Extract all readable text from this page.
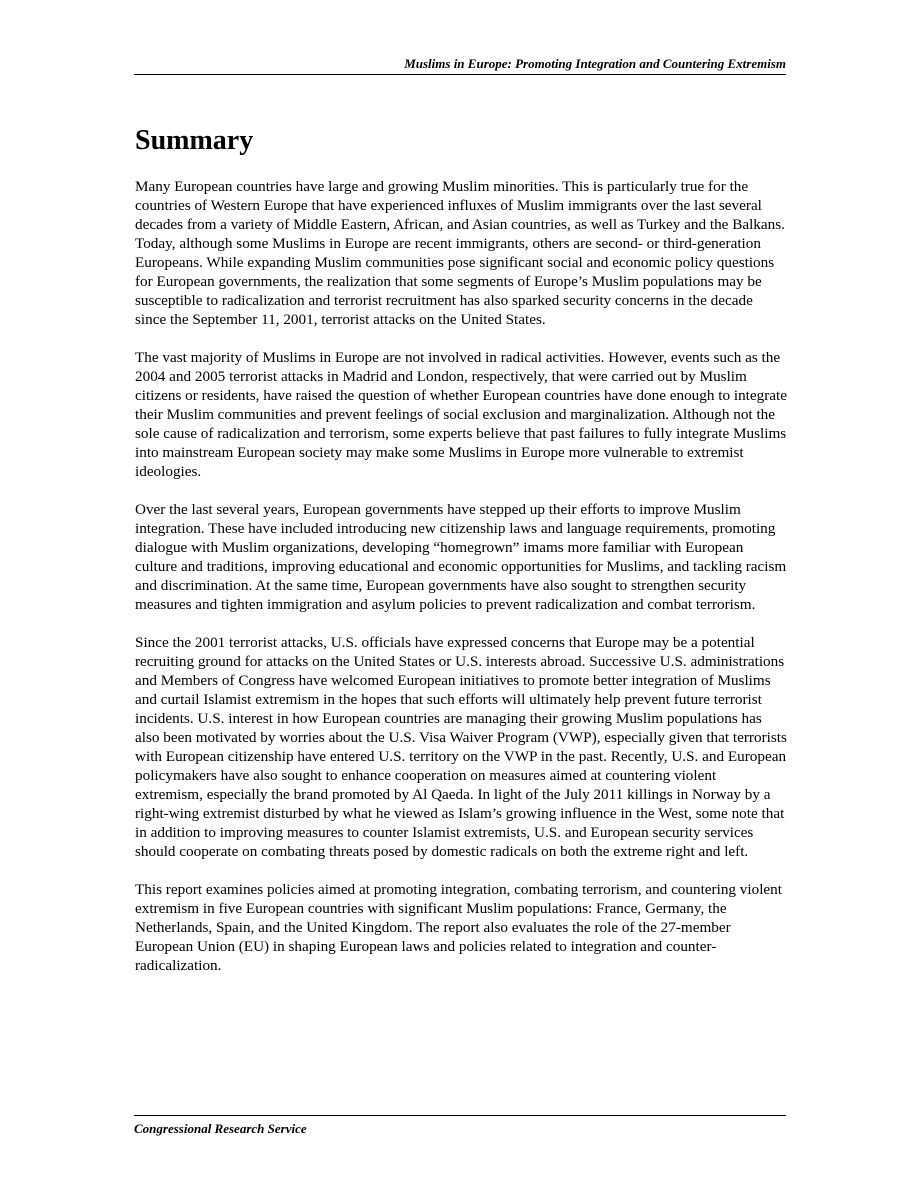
Muslims in Europe: Promoting Integration and Countering Extremism
Summary

Many European countries have large and growing Muslim minorities. This is particularly true for the countries of Western Europe that have experienced influxes of Muslim immigrants over the last several decades from a variety of Middle Eastern, African, and Asian countries, as well as Turkey and the Balkans. Today, although some Muslims in Europe are recent immigrants, others are second- or third-generation Europeans. While expanding Muslim communities pose significant social and economic policy questions for European governments, the realization that some segments of Europe’s Muslim populations may be susceptible to radicalization and terrorist recruitment has also sparked security concerns in the decade since the September 11, 2001, terrorist attacks on the United States.

The vast majority of Muslims in Europe are not involved in radical activities. However, events such as the 2004 and 2005 terrorist attacks in Madrid and London, respectively, that were carried out by Muslim citizens or residents, have raised the question of whether European countries have done enough to integrate their Muslim communities and prevent feelings of social exclusion and marginalization. Although not the sole cause of radicalization and terrorism, some experts believe that past failures to fully integrate Muslims into mainstream European society may make some Muslims in Europe more vulnerable to extremist ideologies.

Over the last several years, European governments have stepped up their efforts to improve Muslim integration. These have included introducing new citizenship laws and language requirements, promoting dialogue with Muslim organizations, developing “homegrown” imams more familiar with European culture and traditions, improving educational and economic opportunities for Muslims, and tackling racism and discrimination. At the same time, European governments have also sought to strengthen security measures and tighten immigration and asylum policies to prevent radicalization and combat terrorism.

Since the 2001 terrorist attacks, U.S. officials have expressed concerns that Europe may be a potential recruiting ground for attacks on the United States or U.S. interests abroad. Successive U.S. administrations and Members of Congress have welcomed European initiatives to promote better integration of Muslims and curtail Islamist extremism in the hopes that such efforts will ultimately help prevent future terrorist incidents. U.S. interest in how European countries are managing their growing Muslim populations has also been motivated by worries about the U.S. Visa Waiver Program (VWP), especially given that terrorists with European citizenship have entered U.S. territory on the VWP in the past. Recently, U.S. and European policymakers have also sought to enhance cooperation on measures aimed at countering violent extremism, especially the brand promoted by Al Qaeda. In light of the July 2011 killings in Norway by a right-wing extremist disturbed by what he viewed as Islam’s growing influence in the West, some note that in addition to improving measures to counter Islamist extremists, U.S. and European security services should cooperate on combating threats posed by domestic radicals on both the extreme right and left.

This report examines policies aimed at promoting integration, combating terrorism, and countering violent extremism in five European countries with significant Muslim populations: France, Germany, the Netherlands, Spain, and the United Kingdom. The report also evaluates the role of the 27-member European Union (EU) in shaping European laws and policies related to integration and counter-radicalization.

Congressional Research Service
